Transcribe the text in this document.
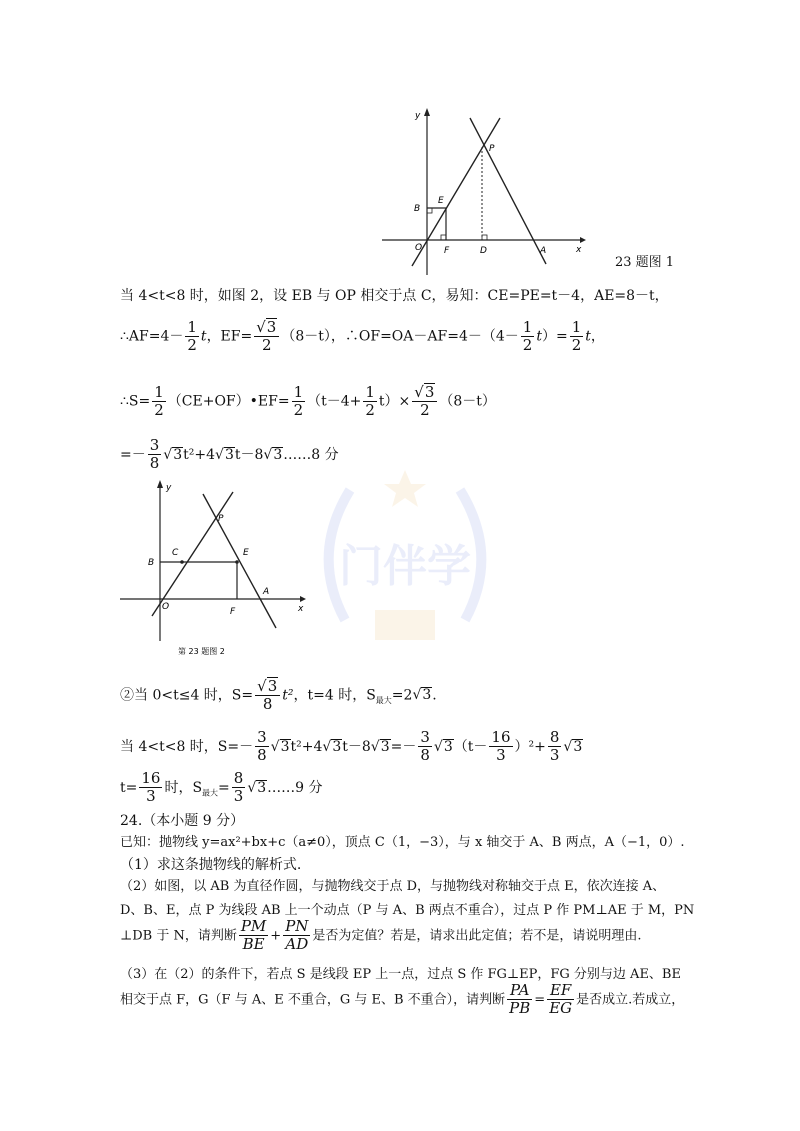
y
x
O
B
E
P
F	D	A
23 题图 1
当 4<t<8 时，如图 2，设 EB 与 OP 相交于点 C，易知：CE=PE=t－4，AE=8－t，
∴AF=4－ $\frac{1}{2}$ t，$EF= \frac{√3}{2} (8-t)$，∴OF=OA－AF=4－（4－ $\frac{1}{2} t)= \frac{1}{2}$ t，
∴S= $\frac{1}{2}$ （CE+OF）•EF= $\frac{1}{2} (t-4+ \frac{1}{2} t)\times \frac{√3}{2} (8-t)$
=－ $\frac{3}{8}$ √3t²+4√3t－8√3……8 分
门伴学
y
x
O
B
C
P
E
F
A
第 23 题图 2
②当 0<t≤4 时，$S= \frac{√3}{8} t^2$，t=4 时，$S_{最大}=2√3$.
当 4<t<8 时，$S=- \frac{3}{8} √3t^2+4√3t-8√3=- \frac{3}{8} √3(t- \frac{16}{3} )^2+ \frac{8}{3} √3$
$t= \frac{16}{3}$ 时，$S_{最大}= \frac{8}{3}$ √3……9 分
24.（本小题 9 分）
已知：抛物线 y=ax²+bx+c（a≠0），顶点 C（1，−3），与 x 轴交于 A、B 两点，A（−1，0）.
（1）求这条抛物线的解析式.
（2）如图，以 AB 为直径作圆，与抛物线交于点 D，与抛物线对称轴交于点 E，依次连接 A、
D、B、E，点 P 为线段 AB 上一个动点（P 与 A、B 两点不重合），过点 P 作 PM⊥AE 于 M，PN
⊥DB 于 N，请判断 $\frac{PM}{BE} + \frac{PN}{AD}$ 是否为定值？若是，请求出此定值；若不是，请说明理由.
（3）在（2）的条件下，若点 S 是线段 EP 上一点，过点 S 作 FG⊥EP，FG 分别与边 AE、BE
相交于点 F，G（F 与 A、E 不重合，G 与 E、B 不重合），请判断 $\frac{PA}{PB} = \frac{EF}{EG}$ 是否成立.若成立，
